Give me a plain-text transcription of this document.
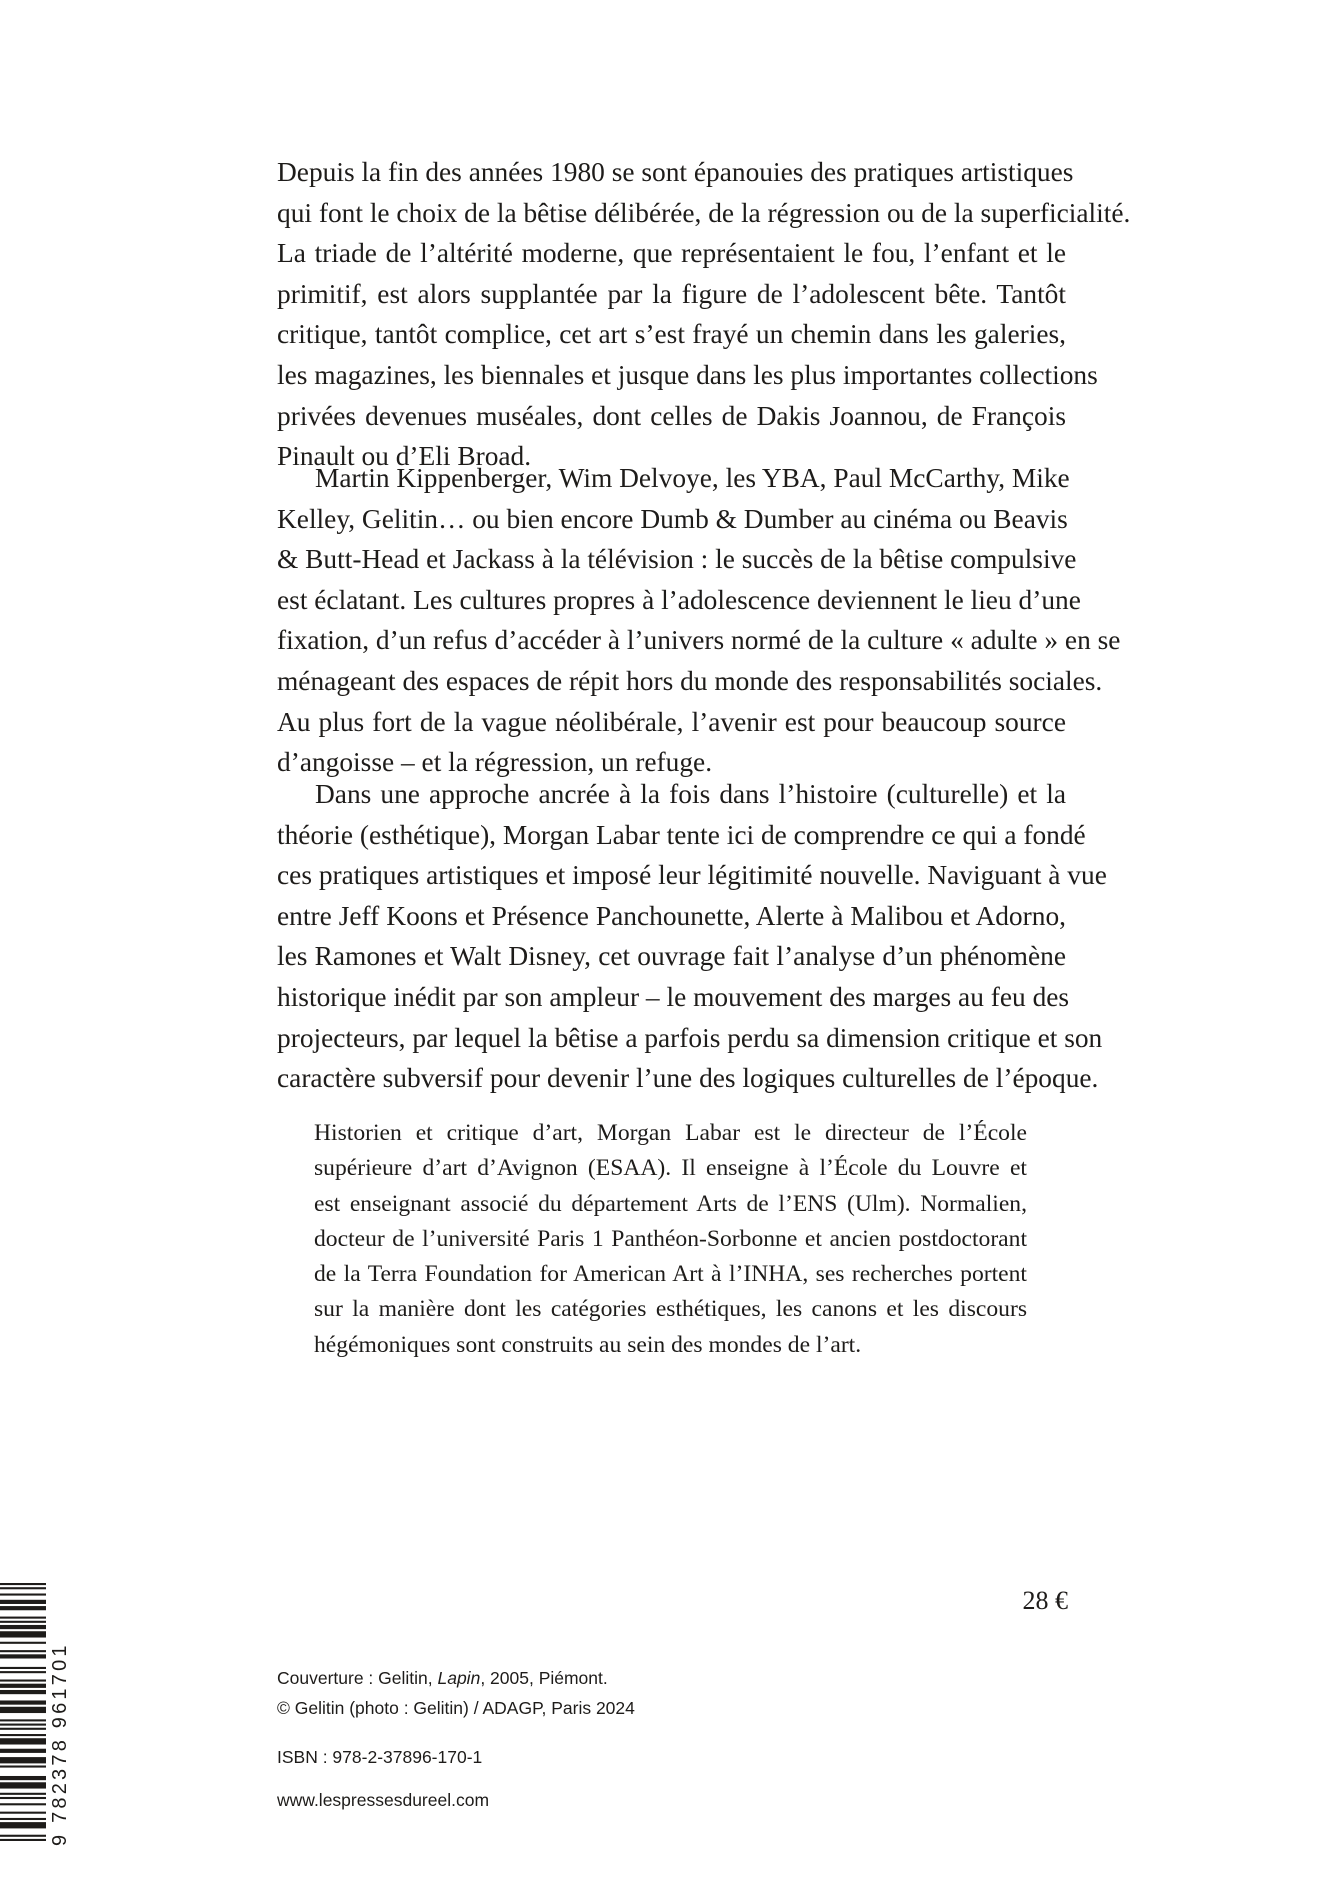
Depuis la fin des années 1980 se sont épanouies des pratiques artistiques
qui font le choix de la bêtise délibérée, de la régression ou de la superficialité.
La triade de l’altérité moderne, que représentaient le fou, l’enfant et le
primitif, est alors supplantée par la figure de l’adolescent bête. Tantôt
critique, tantôt complice, cet art s’est frayé un chemin dans les galeries,
les magazines, les biennales et jusque dans les plus importantes collections
privées devenues muséales, dont celles de Dakis Joannou, de François
Pinault ou d’Eli Broad.
Martin Kippenberger, Wim Delvoye, les YBA, Paul McCarthy, Mike
Kelley, Gelitin… ou bien encore Dumb & Dumber au cinéma ou Beavis
& Butt-Head et Jackass à la télévision : le succès de la bêtise compulsive
est éclatant. Les cultures propres à l’adolescence deviennent le lieu d’une
fixation, d’un refus d’accéder à l’univers normé de la culture « adulte » en se
ménageant des espaces de répit hors du monde des responsabilités sociales.
Au plus fort de la vague néolibérale, l’avenir est pour beaucoup source
d’angoisse – et la régression, un refuge.
Dans une approche ancrée à la fois dans l’histoire (culturelle) et la
théorie (esthétique), Morgan Labar tente ici de comprendre ce qui a fondé
ces pratiques artistiques et imposé leur légitimité nouvelle. Naviguant à vue
entre Jeff Koons et Présence Panchounette, Alerte à Malibou et Adorno,
les Ramones et Walt Disney, cet ouvrage fait l’analyse d’un phénomène
historique inédit par son ampleur – le mouvement des marges au feu des
projecteurs, par lequel la bêtise a parfois perdu sa dimension critique et son
caractère subversif pour devenir l’une des logiques culturelles de l’époque.
Historien et critique d’art, Morgan Labar est le directeur de l’École
supérieure d’art d’Avignon (ESAA). Il enseigne à l’École du Louvre et
est enseignant associé du département Arts de l’ENS (Ulm). Normalien,
docteur de l’université Paris 1 Panthéon-Sorbonne et ancien postdoctorant
de la Terra Foundation for American Art à l’INHA, ses recherches portent
sur la manière dont les catégories esthétiques, les canons et les discours
hégémoniques sont construits au sein des mondes de l’art.
28 €
Couverture : Gelitin, Lapin, 2005, Piémont.
© Gelitin (photo : Gelitin) / ADAGP, Paris 2024
ISBN : 978-2-37896-170-1
www.lespressesdureel.com
9 782378 961701
